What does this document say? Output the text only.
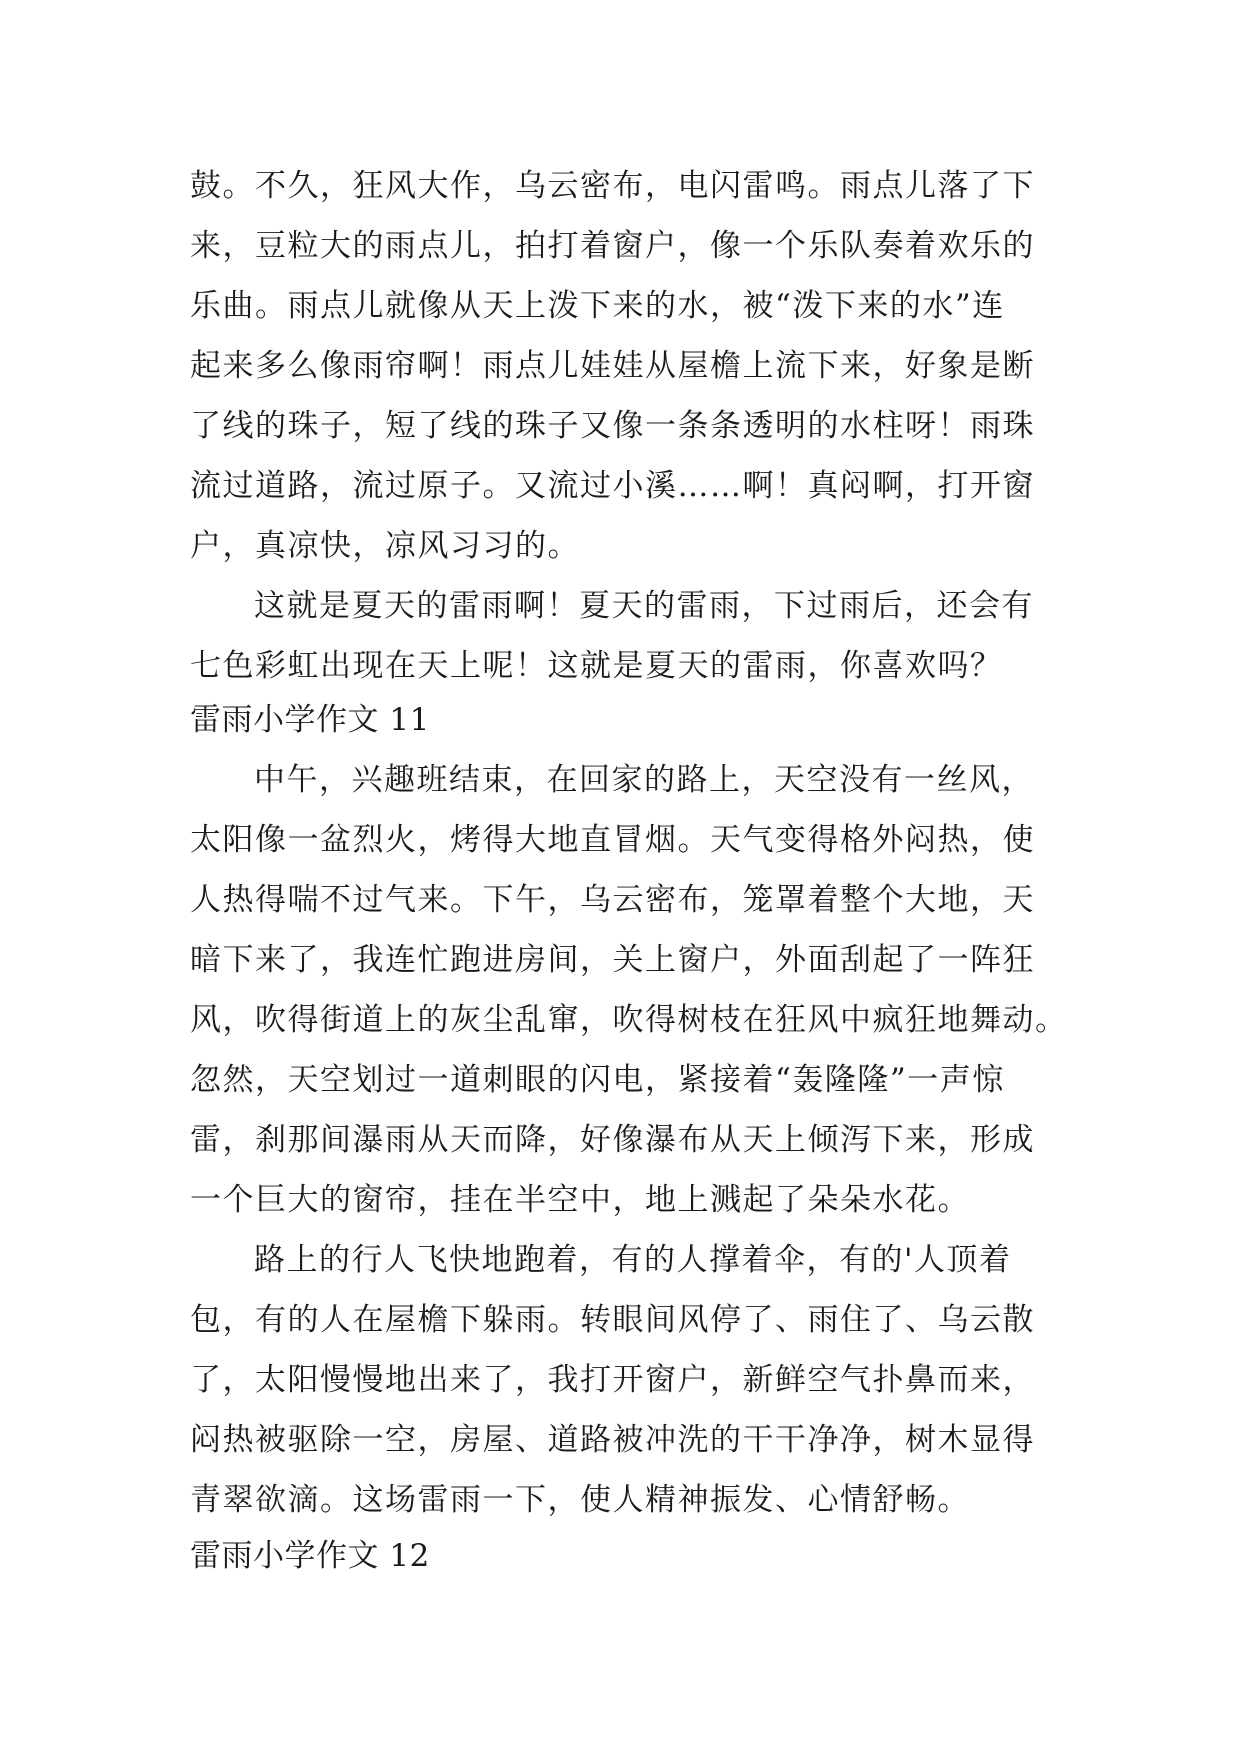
鼓。不久，狂风大作，乌云密布，电闪雷鸣。雨点儿落了下
来，豆粒大的雨点儿，拍打着窗户，像一个乐队奏着欢乐的
乐曲。雨点儿就像从天上泼下来的水，被“泼下来的水”连
起来多么像雨帘啊！雨点儿娃娃从屋檐上流下来，好象是断
了线的珠子，短了线的珠子又像一条条透明的水柱呀！雨珠
流过道路，流过原子。又流过小溪……啊！真闷啊，打开窗
户，真凉快，凉风习习的。
这就是夏天的雷雨啊！夏天的雷雨，下过雨后，还会有
七色彩虹出现在天上呢！这就是夏天的雷雨，你喜欢吗？
雷雨小学作文 11
中午，兴趣班结束，在回家的路上，天空没有一丝风，
太阳像一盆烈火，烤得大地直冒烟。天气变得格外闷热，使
人热得喘不过气来。下午，乌云密布，笼罩着整个大地，天
暗下来了，我连忙跑进房间，关上窗户，外面刮起了一阵狂
风，吹得街道上的灰尘乱窜，吹得树枝在狂风中疯狂地舞动。
忽然，天空划过一道刺眼的闪电，紧接着“轰隆隆”一声惊
雷，刹那间瀑雨从天而降，好像瀑布从天上倾泻下来，形成
一个巨大的窗帘，挂在半空中，地上溅起了朵朵水花。
路上的行人飞快地跑着，有的人撑着伞，有的'人顶着
包，有的人在屋檐下躲雨。转眼间风停了、雨住了、乌云散
了，太阳慢慢地出来了，我打开窗户，新鲜空气扑鼻而来，
闷热被驱除一空，房屋、道路被冲洗的干干净净，树木显得
青翠欲滴。这场雷雨一下，使人精神振发、心情舒畅。
雷雨小学作文 12
